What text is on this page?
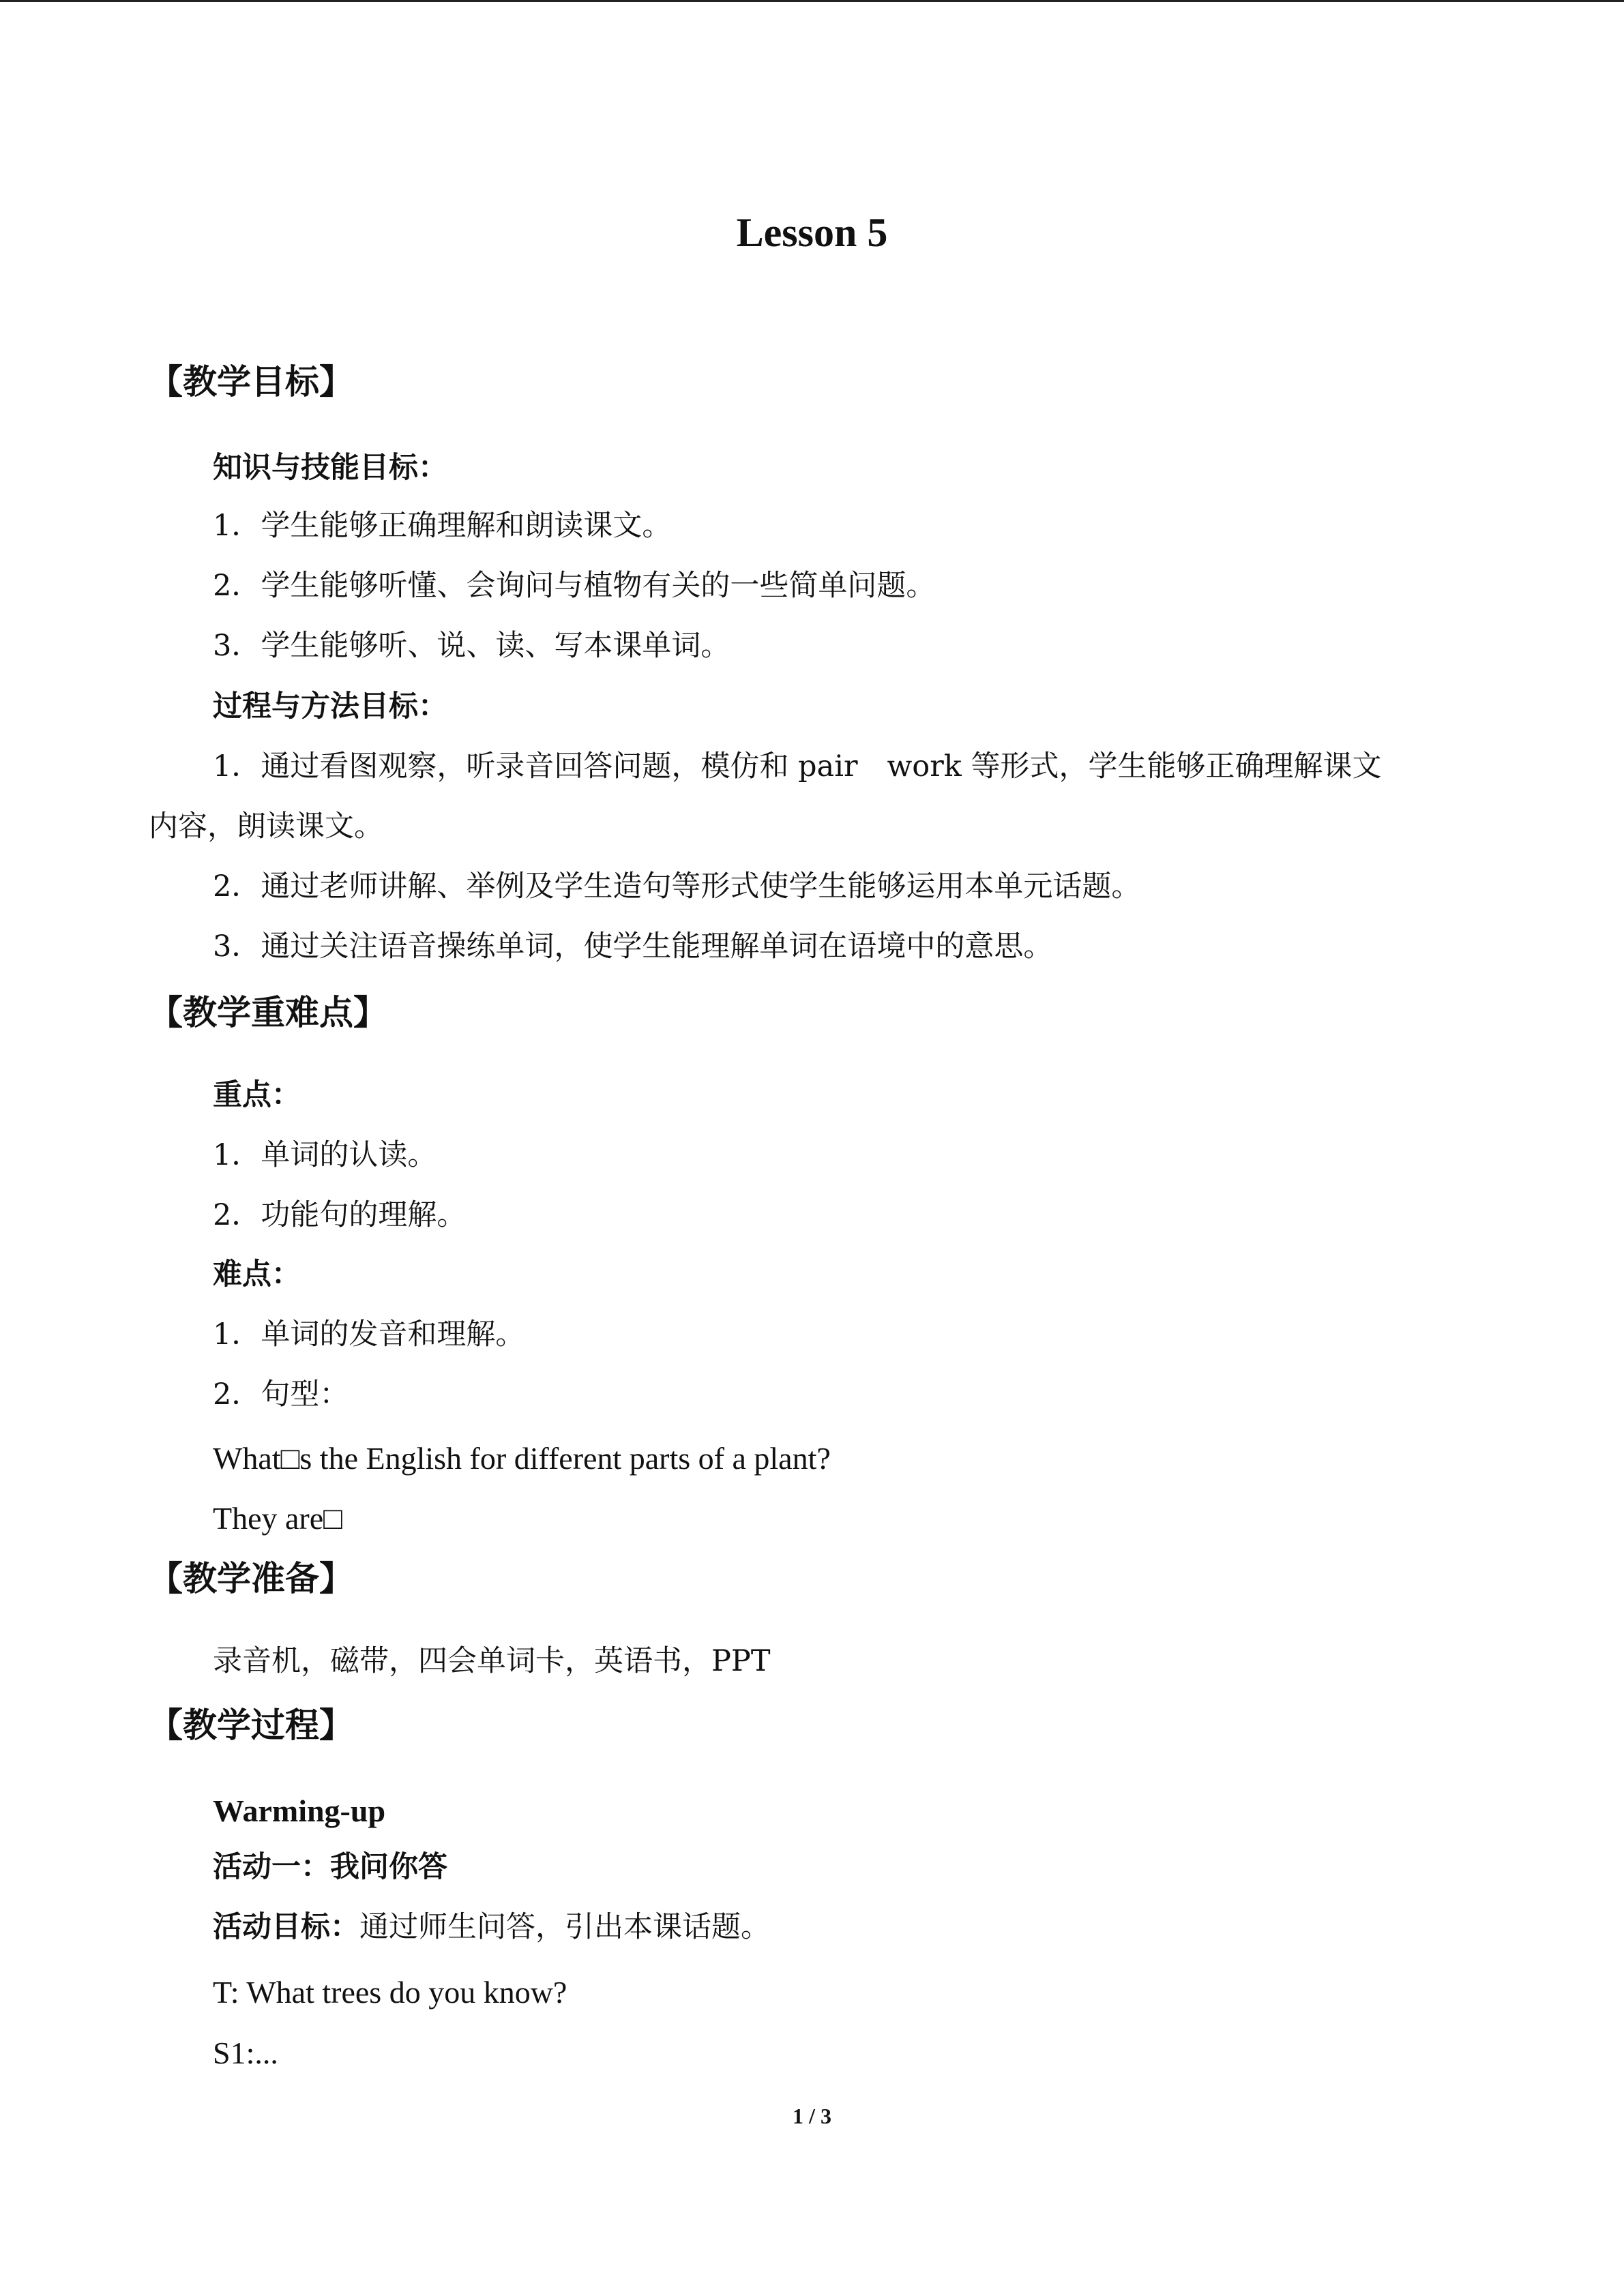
Lesson 5
【教学目标】
知识与技能目标：
1．学生能够正确理解和朗读课文。
2．学生能够听懂、会询问与植物有关的一些简单问题。
3．学生能够听、说、读、写本课单词。
过程与方法目标：
1．通过看图观察，听录音回答问题，模仿和 pair　work 等形式，学生能够正确理解课文
内容，朗读课文。
2．通过老师讲解、举例及学生造句等形式使学生能够运用本单元话题。
3．通过关注语音操练单词，使学生能理解单词在语境中的意思。
【教学重难点】
重点：
1．单词的认读。
2．功能句的理解。
难点：
1．单词的发音和理解。
2．句型：
What□s the English for different parts of a plant?
They are□
【教学准备】
录音机，磁带，四会单词卡，英语书，PPT
【教学过程】
Warming-up
活动一：我问你答
活动目标：通过师生问答，引出本课话题。
T: What trees do you know?
S1:...
1 / 3
